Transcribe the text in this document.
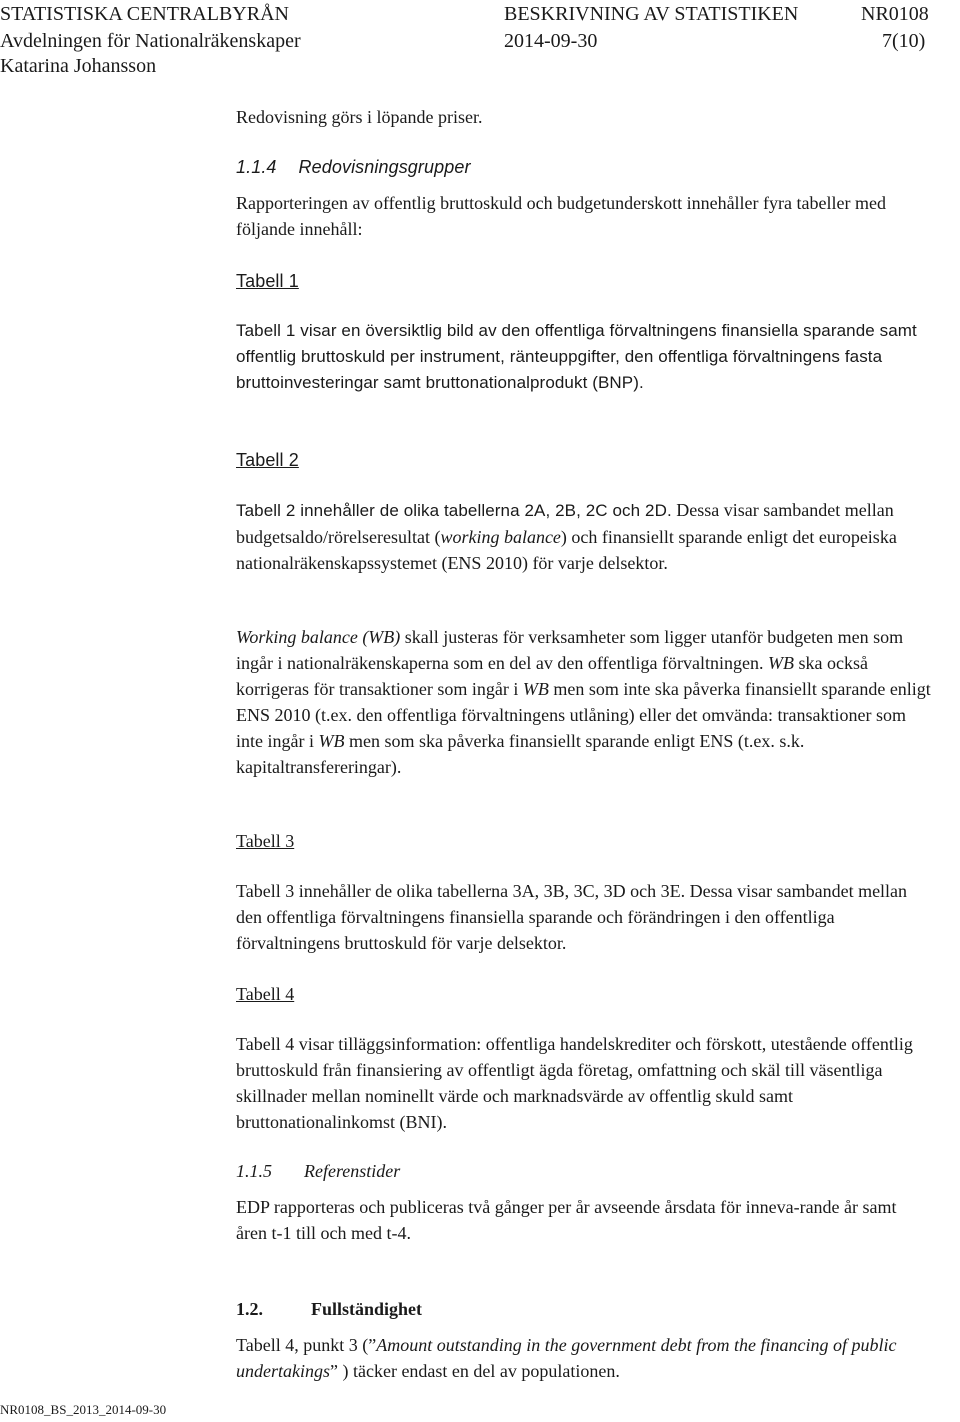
STATISTISKA CENTRALBYRÅN	BESKRIVNING AV STATISTIKEN	NR0108
Avdelningen för Nationalräkenskaper	2014-09-30	7(10)
Katarina Johansson
Redovisning görs i löpande priser.
1.1.4 Redovisningsgrupper

Rapporteringen av offentlig bruttoskuld och budgetunderskott innehåller fyra tabeller med följande innehåll:

Tabell 1

Tabell 1 visar en översiktlig bild av den offentliga förvaltningens finansiella sparande samt offentlig bruttoskuld per instrument, ränteuppgifter, den offentliga förvaltningens fasta bruttoinvesteringar samt bruttonationalprodukt (BNP).

Tabell 2

Tabell 2 innehåller de olika tabellerna 2A, 2B, 2C och 2D. Dessa visar sambandet mellan budgetsaldo/rörelseresultat (working balance) och finansiellt sparande enligt det europeiska nationalräkenskapssystemet (ENS 2010) för varje delsektor.

Working balance (WB) skall justeras för verksamheter som ligger utanför budgeten men som ingår i nationalräkenskaperna som en del av den offentliga förvaltningen. WB ska också korrigeras för transaktioner som ingår i WB men som inte ska påverka finansiellt sparande enligt ENS 2010 (t.ex. den offentliga förvaltningens utlåning) eller det omvända: transaktioner som inte ingår i WB men som ska påverka finansiellt sparande enligt ENS (t.ex. s.k. kapitaltransfereringar).

Tabell 3

Tabell 3 innehåller de olika tabellerna 3A, 3B, 3C, 3D och 3E. Dessa visar sambandet mellan den offentliga förvaltningens finansiella sparande och förändringen i den offentliga förvaltningens bruttoskuld för varje delsektor.

Tabell 4

Tabell 4 visar tilläggsinformation: offentliga handelskrediter och förskott, utestående offentlig bruttoskuld från finansiering av offentligt ägda företag, omfattning och skäl till väsentliga skillnader mellan nominellt värde och marknadsvärde av offentlig skuld samt bruttonationalinkomst (BNI).

1.1.5 Referenstider

EDP rapporteras och publiceras två gånger per år avseende årsdata för inneva-rande år samt åren t-1 till och med t-4.

1.2.	Fullständighet

Tabell 4, punkt 3 (”Amount outstanding in the government debt from the financing of public undertakings” ) täcker endast en del av populationen.

NR0108_BS_2013_2014-09-30
